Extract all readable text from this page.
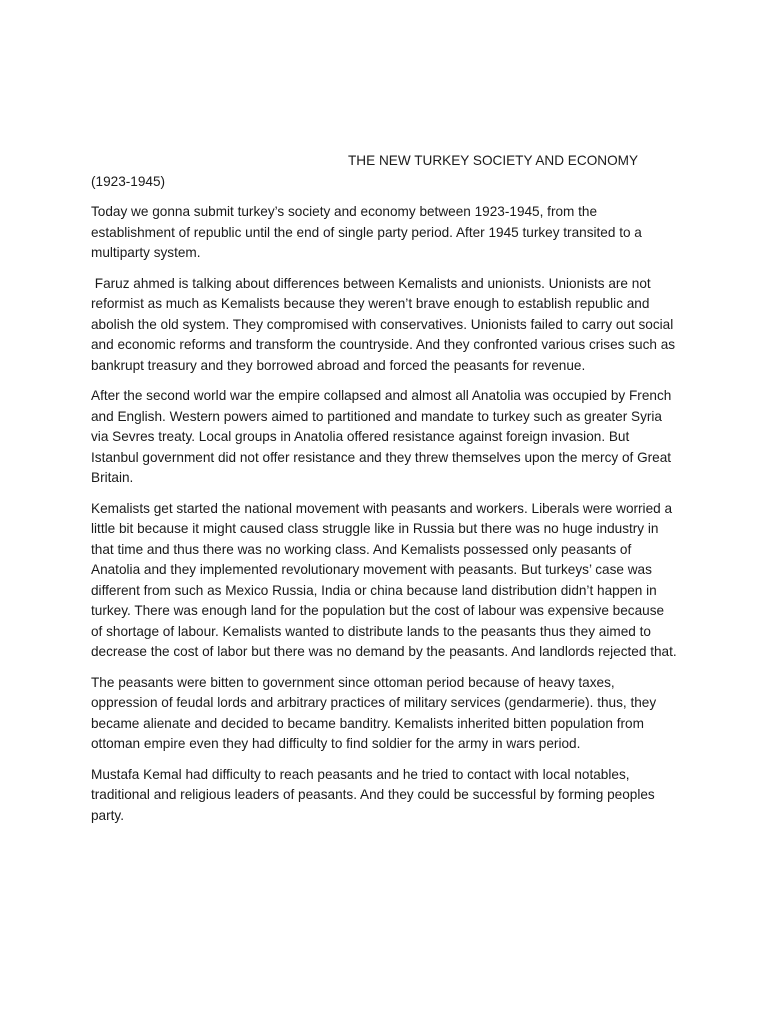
THE NEW TURKEY SOCIETY AND ECONOMY (1923-1945)

Today we gonna submit turkey’s society and economy between 1923-1945, from the establishment of republic until the end of single party period. After 1945 turkey transited to a multiparty system.

Faruz ahmed is talking about differences between Kemalists and unionists. Unionists are not reformist as much as Kemalists because they weren’t brave enough to establish republic and abolish the old system. They compromised with conservatives. Unionists failed to carry out social and economic reforms and transform the countryside. And they confronted various crises such as bankrupt treasury and they borrowed abroad and forced the peasants for revenue.

After the second world war the empire collapsed and almost all Anatolia was occupied by French and English. Western powers aimed to partitioned and mandate to turkey such as greater Syria via Sevres treaty. Local groups in Anatolia offered resistance against foreign invasion. But Istanbul government did not offer resistance and they threw themselves upon the mercy of Great Britain.

Kemalists get started the national movement with peasants and workers. Liberals were worried a little bit because it might caused class struggle like in Russia but there was no huge industry in that time and thus there was no working class. And Kemalists possessed only peasants of Anatolia and they implemented revolutionary movement with peasants. But turkeys’ case was different from such as Mexico Russia, India or china because land distribution didn’t happen in turkey. There was enough land for the population but the cost of labour was expensive because of shortage of labour. Kemalists wanted to distribute lands to the peasants thus they aimed to decrease the cost of labor but there was no demand by the peasants. And landlords rejected that.

The peasants were bitten to government since ottoman period because of heavy taxes, oppression of feudal lords and arbitrary practices of military services (gendarmerie). thus, they became alienate and decided to became banditry. Kemalists inherited bitten population from ottoman empire even they had difficulty to find soldier for the army in wars period.

Mustafa Kemal had difficulty to reach peasants and he tried to contact with local notables, traditional and religious leaders of peasants. And they could be successful by forming peoples party.
